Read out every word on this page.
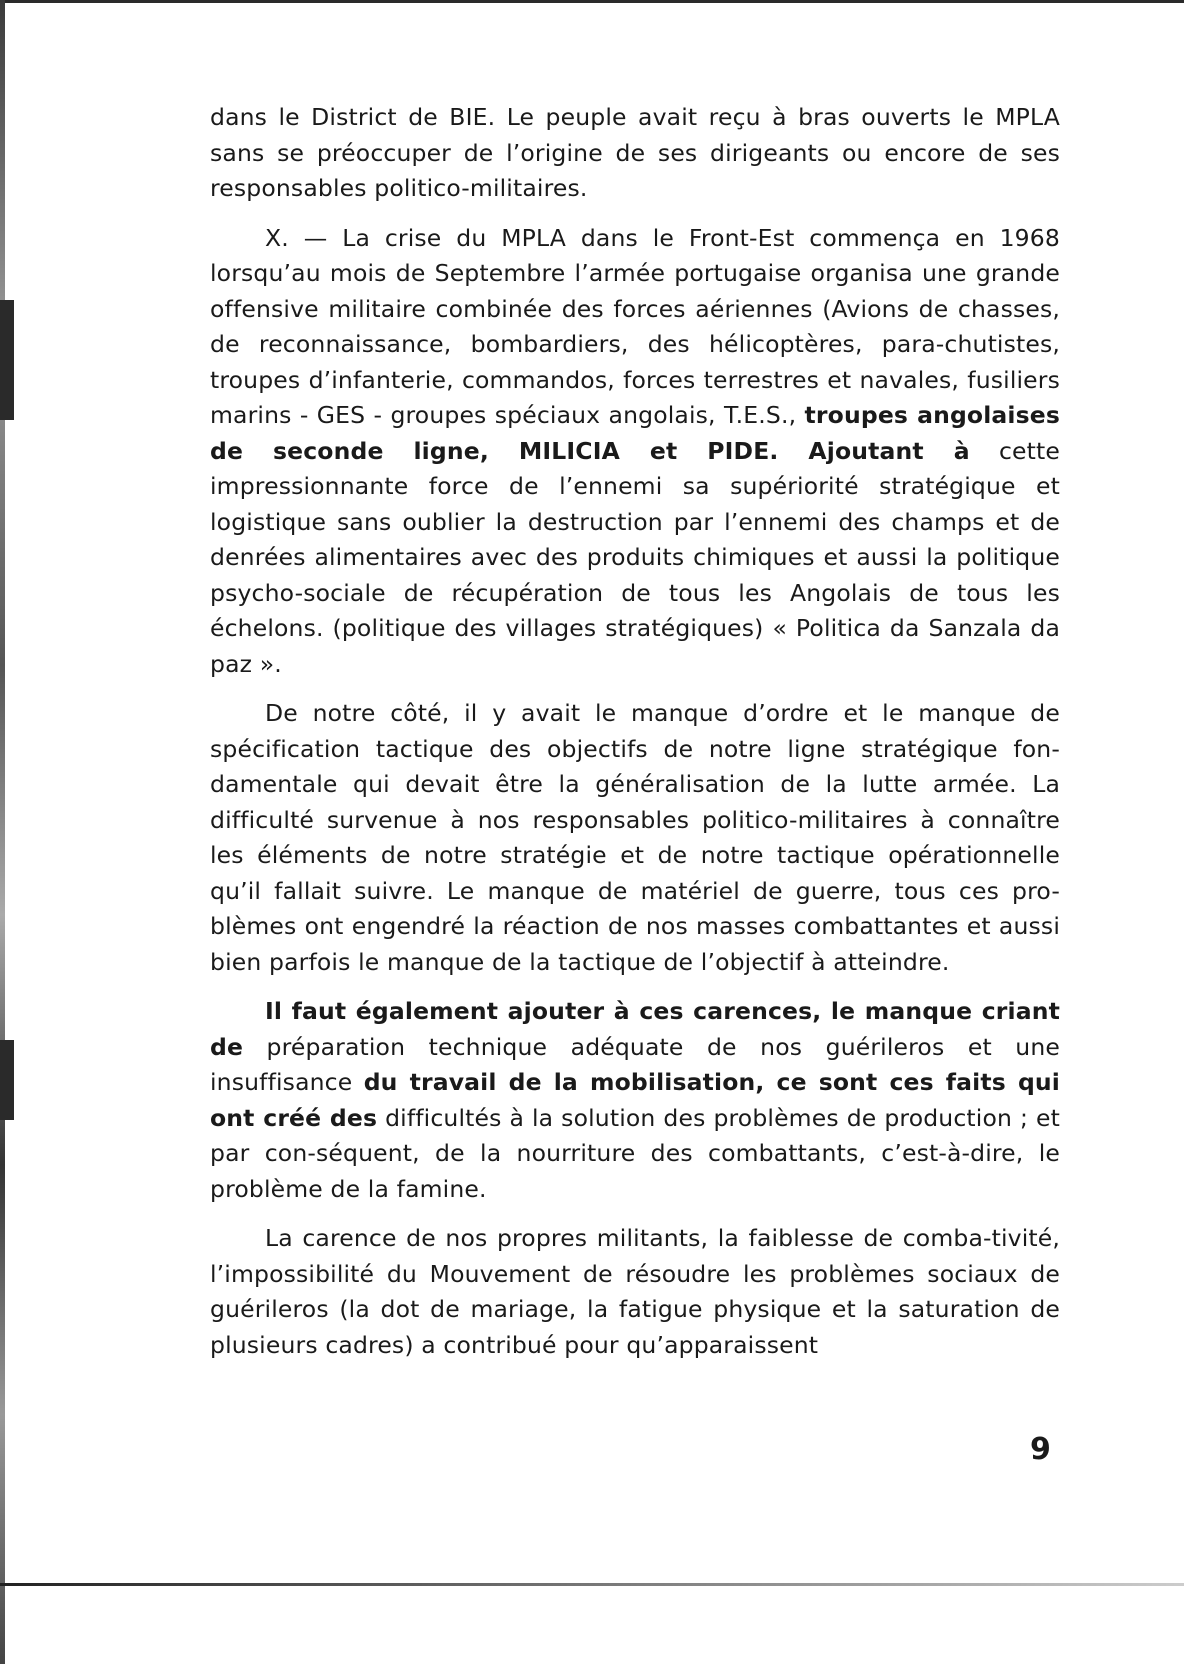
dans le District de BIE. Le peuple avait reçu à bras ouverts le MPLA sans se préoccuper de l’origine de ses dirigeants ou encore de ses responsables politico-militaires.

X. — La crise du MPLA dans le Front-Est commença en 1968 lorsqu’au mois de Septembre l’armée portugaise organisa une grande offensive militaire combinée des forces aériennes (Avions de chasses, de reconnaissance, bombardiers, des hélicoptères, para-chutistes, troupes d’infanterie, commandos, forces terrestres et navales, fusiliers marins - GES - groupes spéciaux angolais, T.E.S., troupes angolaises de seconde ligne, MILICIA et PIDE. Ajoutant à cette impressionnante force de l’ennemi sa supériorité stratégique et logistique sans oublier la destruction par l’ennemi des champs et de denrées alimentaires avec des produits chimiques et aussi la politique psycho-sociale de récupération de tous les Angolais de tous les échelons. (politique des villages stratégiques) « Politica da Sanzala da paz ».

De notre côté, il y avait le manque d’ordre et le manque de spécification tactique des objectifs de notre ligne stratégique fon-damentale qui devait être la généralisation de la lutte armée. La difficulté survenue à nos responsables politico-militaires à connaître les éléments de notre stratégie et de notre tactique opérationnelle qu’il fallait suivre. Le manque de matériel de guerre, tous ces pro-blèmes ont engendré la réaction de nos masses combattantes et aussi bien parfois le manque de la tactique de l’objectif à atteindre.

Il faut également ajouter à ces carences, le manque criant de préparation technique adéquate de nos guérileros et une insuffisance du travail de la mobilisation, ce sont ces faits qui ont créé des difficultés à la solution des problèmes de production ; et par con-séquent, de la nourriture des combattants, c’est-à-dire, le problème de la famine.

La carence de nos propres militants, la faiblesse de comba-tivité, l’impossibilité du Mouvement de résoudre les problèmes sociaux de guérileros (la dot de mariage, la fatigue physique et la saturation de plusieurs cadres) a contribué pour qu’apparaissent

9
